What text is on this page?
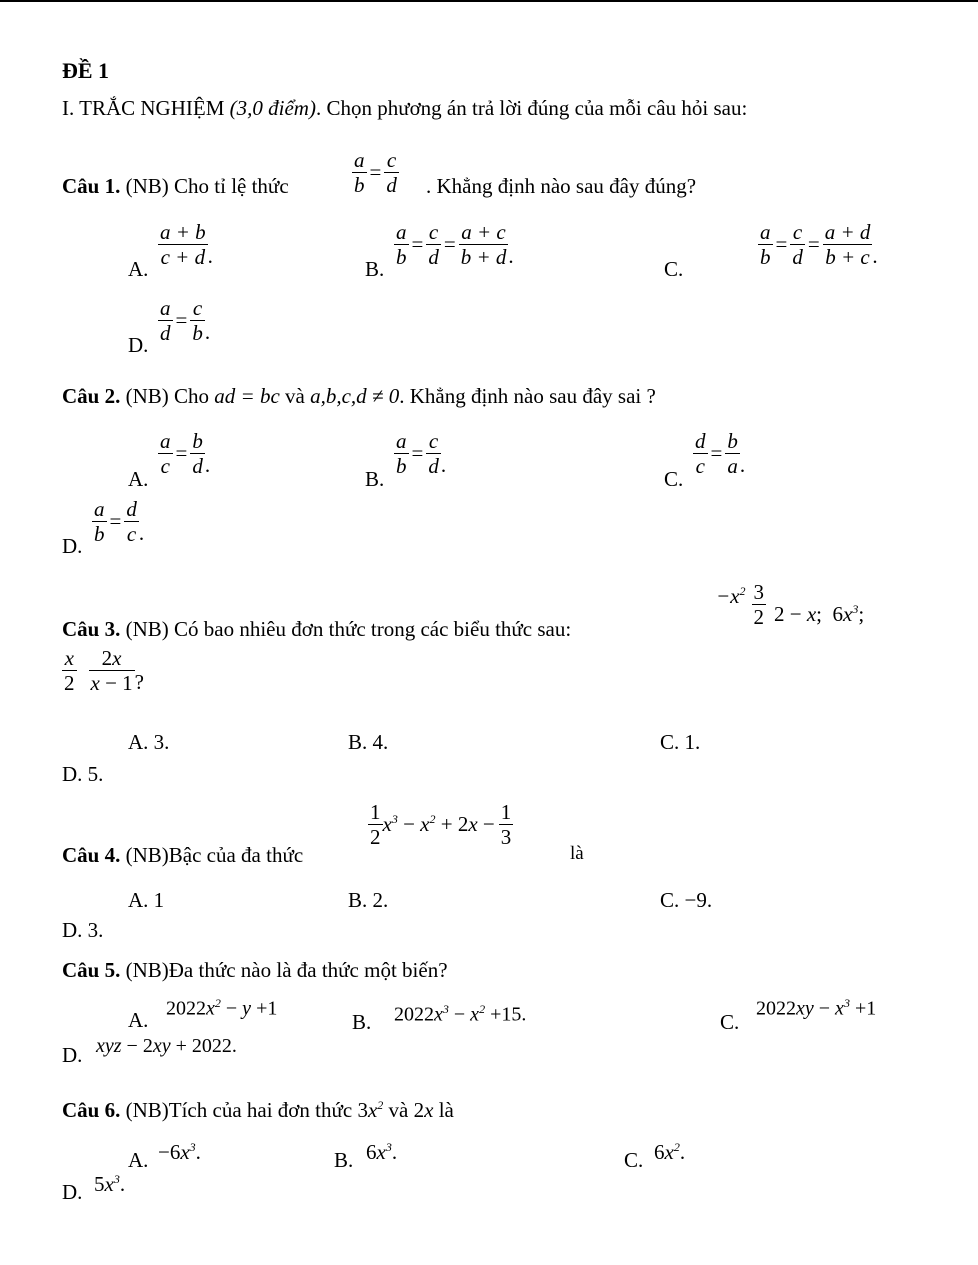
ĐỀ 1
I. TRẮC NGHIỆM (3,0 điểm). Chọn phương án trả lời đúng của mỗi câu hỏi sau:
Câu 1. (NB) Cho tỉ lệ thức	$\frac{a}{b} = \frac{c}{d}$ . Khẳng định nào sau đây đúng?
A. $\frac{a + b}{c + d}$ .
B. $\frac{a}{b} = \frac{c}{d} = \frac{a + c}{b + d}$ .
C.	$\frac{a}{b} = \frac{c}{d} = \frac{a + d}{b + c}$ .
D. $\frac{a}{d} = \frac{c}{b}$ .
Câu 2. (NB) Cho ad = bc và a,b,c,d ≠ 0. Khẳng định nào sau đây sai ?
A.
$\frac{a}{c} = \frac{b}{d}$ .
B.
$\frac{a}{b} = \frac{c}{d}$ .
C.
$\frac{d}{c} = \frac{b}{a}$ .
D. $\frac{a}{b} = \frac{d}{c}$ .
Câu 3. (NB) Có bao nhiêu đơn thức trong các biểu thức sau:
$-x^2 \frac{3}{2} 2 - x$; $6x^3$;
$\frac{x}{2} \frac{2x}{x - 1}$ ?
A. 3.	B. 4.	C. 1.
D. 5.
Câu 4. (NB)Bậc của đa thức
$\frac{1}{2} x^3 - x^2 + 2x - \frac{1}{3}$
là
A. 1	B. 2.	C. −9.
D. 3.
Câu 5. (NB)Đa thức nào là đa thức một biến?
A. $2022x^2 - y +1$
B. $2022x^3 - x^2 +15$.	C.
$2022xy - x^3 +1$
D. xyz − 2xy + 2022.
Câu 6. (NB)Tích của hai đơn thức $3x^2$ và 2x là
A. $-6x^3$.	B. $6x^3$.	C. $6x^2$.
D. $5x^3$.
